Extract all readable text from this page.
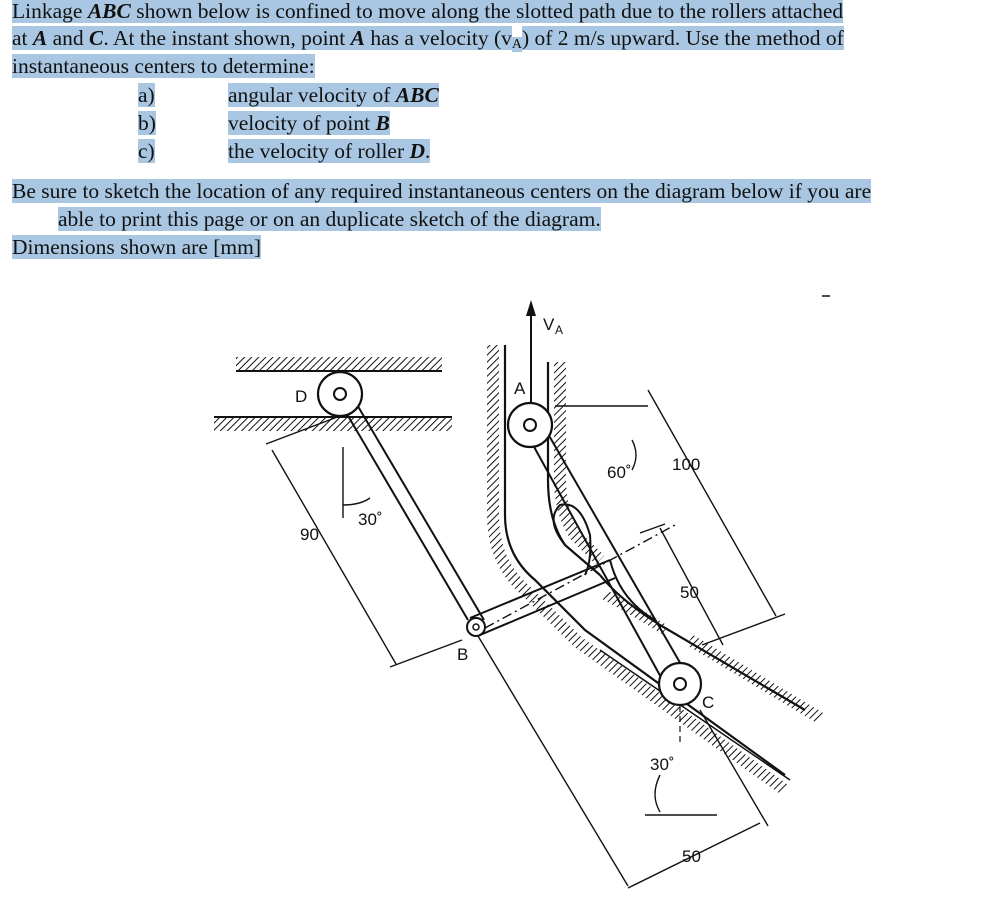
Linkage ABC shown below is confined to move along the slotted path due to the rollers attached
at A and C. At the instant shown, point A has a velocity $(v_A)$ of 2 m/s upward. Use the method of
instantaneous centers to determine:
a)	angular velocity of ABC
b)	velocity of point B
c)	the velocity of roller D.
Be sure to sketch the location of any required instantaneous centers on the diagram below if you are
able to print this page or on an duplicate sketch of the diagram.
Dimensions shown are [mm]
V A
D	A
B
C
90
30˚
100
60˚
50
30˚
50
